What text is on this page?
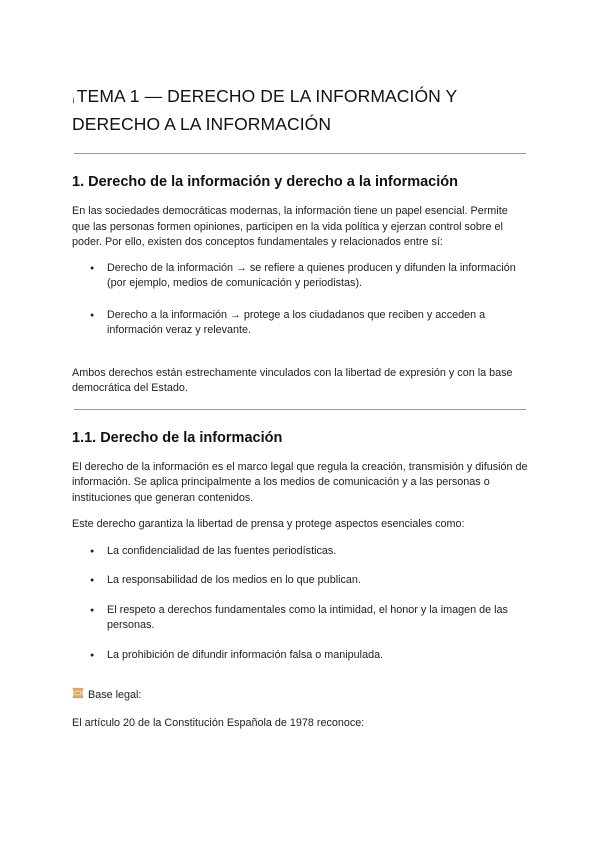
¡ TEMA 1 — DERECHO DE LA INFORMACIÓN Y DERECHO A LA INFORMACIÓN
1. Derecho de la información y derecho a la información

En las sociedades democráticas modernas, la información tiene un papel esencial. Permite que las personas formen opiniones, participen en la vida política y ejerzan control sobre el poder. Por ello, existen dos conceptos fundamentales y relacionados entre sí:

● Derecho de la información → se refiere a quienes producen y difunden la información (por ejemplo, medios de comunicación y periodistas).
● Derecho a la información → protege a los ciudadanos que reciben y acceden a información veraz y relevante.

Ambos derechos están estrechamente vinculados con la libertad de expresión y con la base democrática del Estado.

1.1. Derecho de la información

El derecho de la información es el marco legal que regula la creación, transmisión y difusión de información. Se aplica principalmente a los medios de comunicación y a las personas o instituciones que generan contenidos.

Este derecho garantiza la libertad de prensa y protege aspectos esenciales como:

● La confidencialidad de las fuentes periodísticas.
● La responsabilidad de los medios en lo que publican.
● El respeto a derechos fundamentales como la intimidad, el honor y la imagen de las personas.
● La prohibición de difundir información falsa o manipulada.

Base legal:

El artículo 20 de la Constitución Española de 1978 reconoce:
